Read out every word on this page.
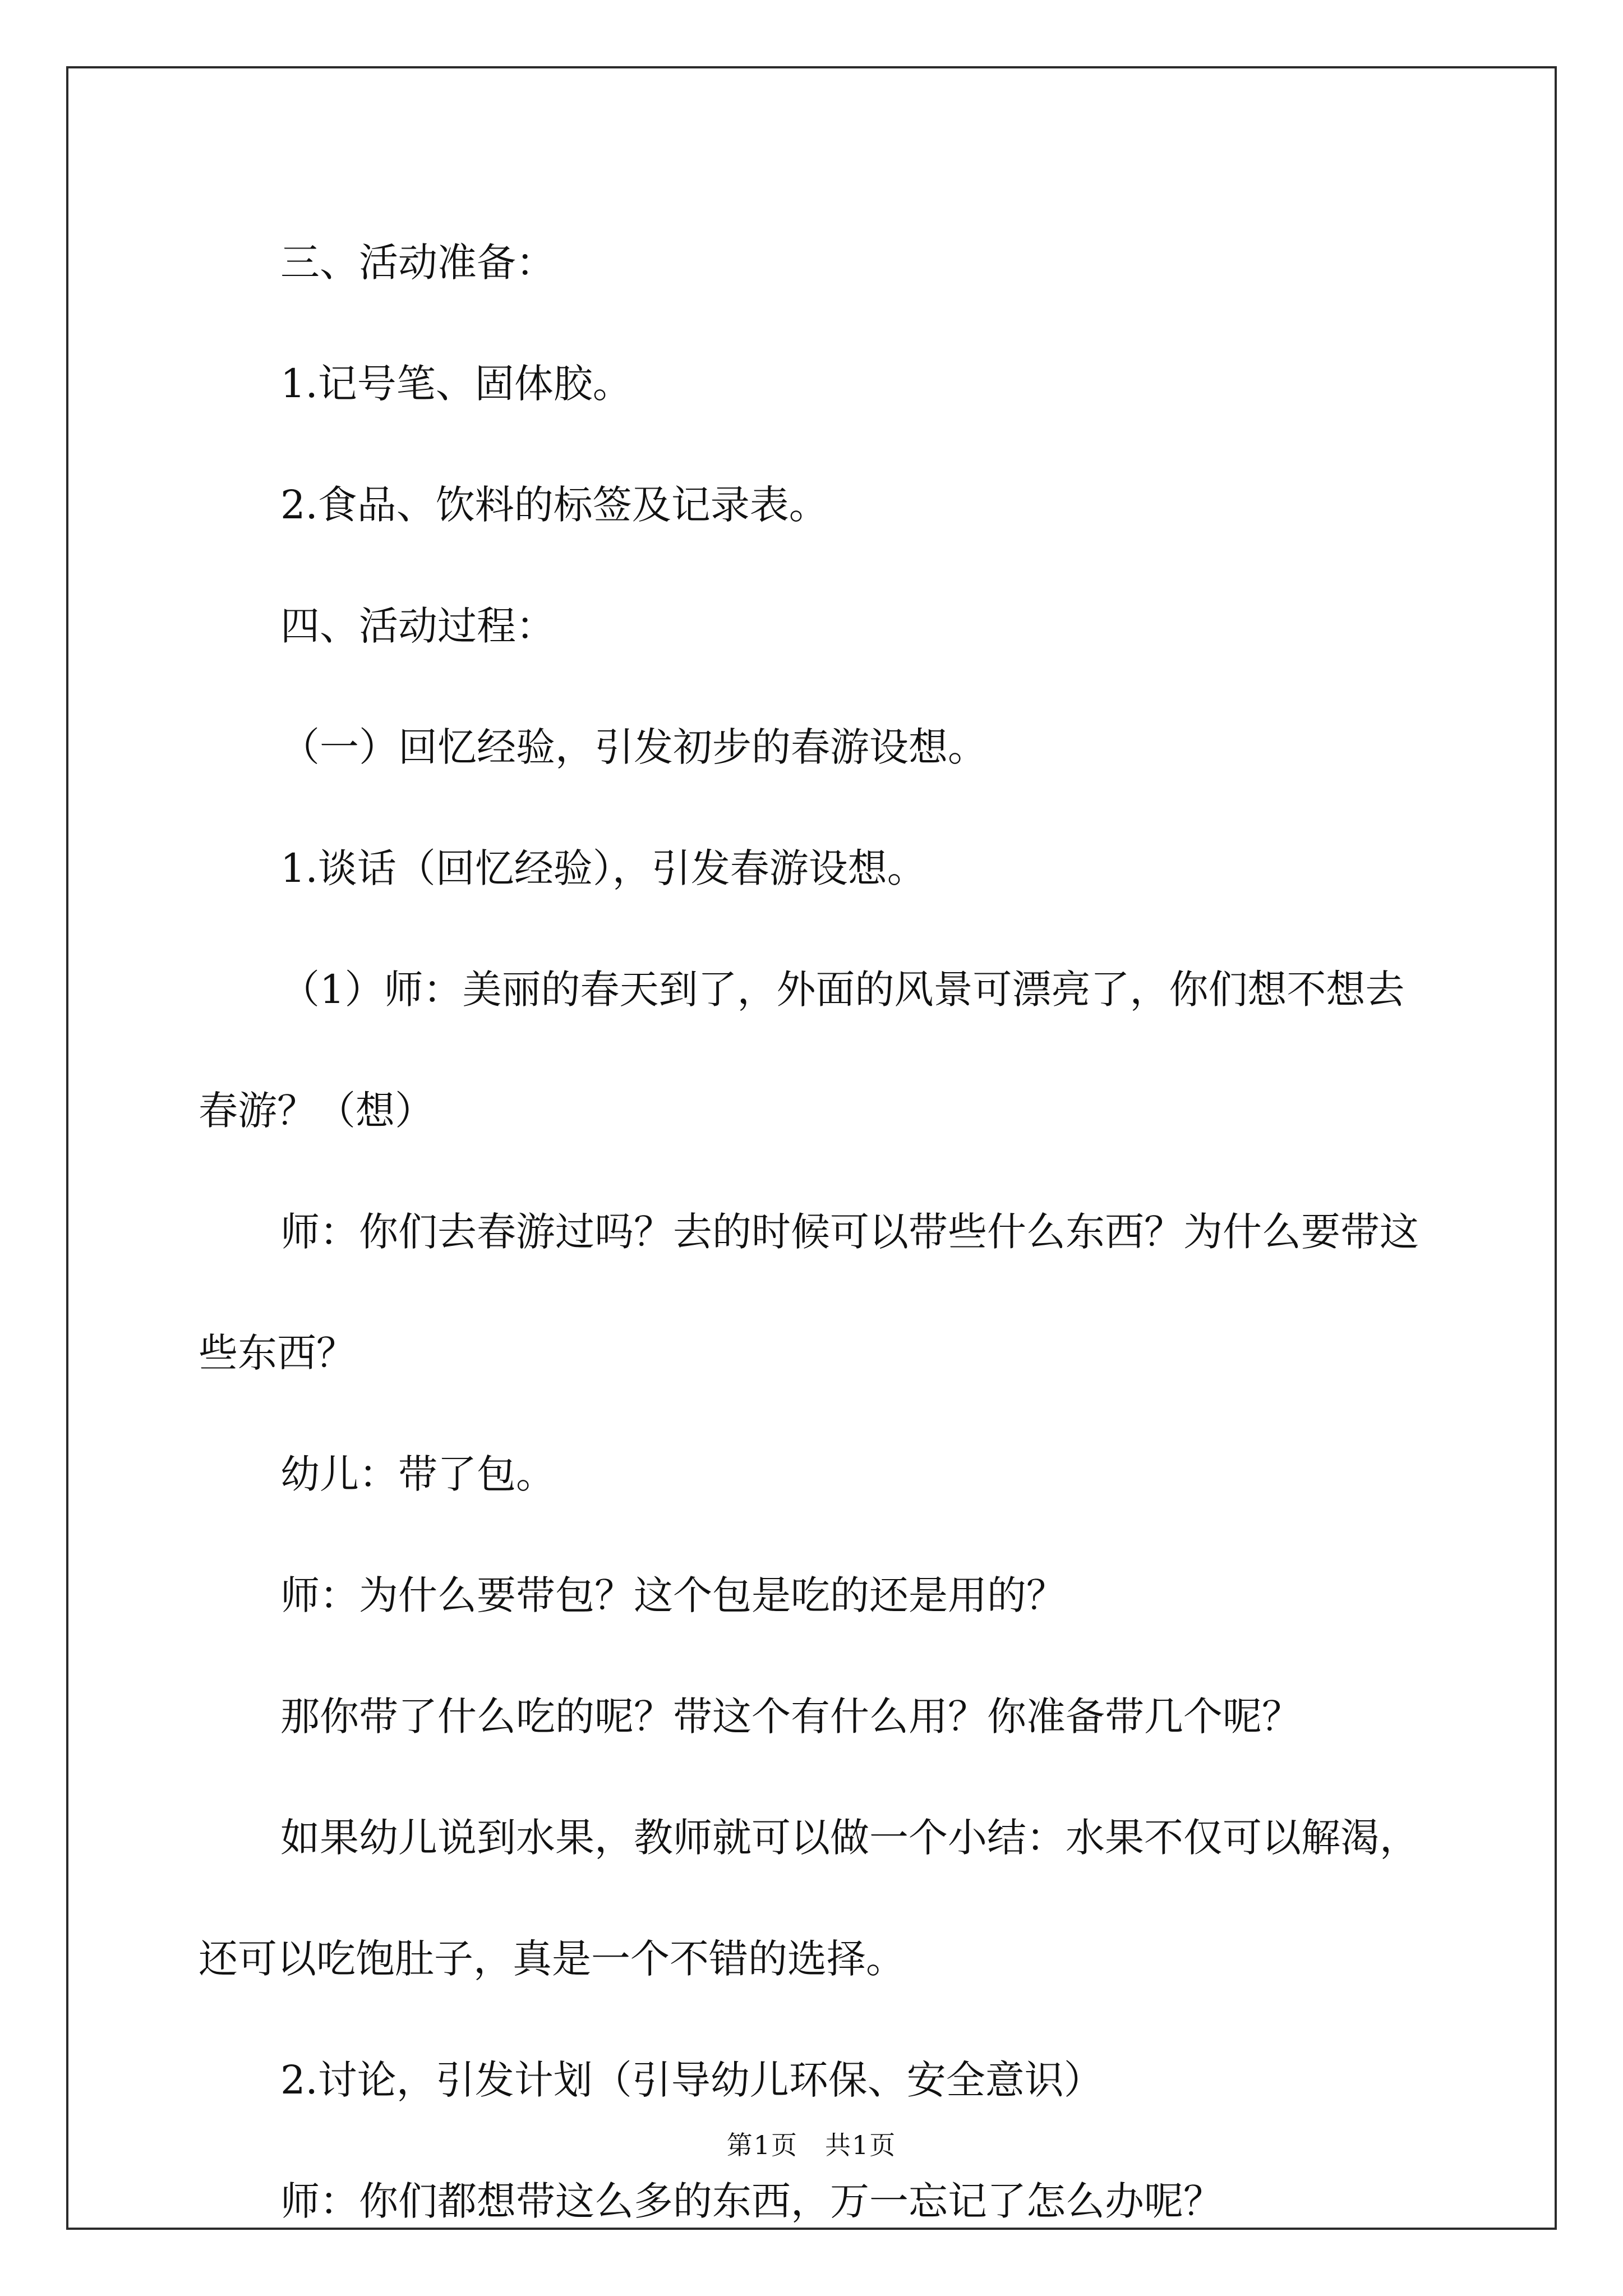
三、活动准备：

1.记号笔、固体胶。

2.食品、饮料的标签及记录表。

四、活动过程：

（一）回忆经验，引发初步的春游设想。

1.谈话（回忆经验），引发春游设想。

（1）师：美丽的春天到了，外面的风景可漂亮了，你们想不想去春游？（想）

师：你们去春游过吗？去的时候可以带些什么东西？为什么要带这些东西？

幼儿：带了包。

师：为什么要带包？这个包是吃的还是用的？

那你带了什么吃的呢？带这个有什么用？你准备带几个呢？

如果幼儿说到水果，教师就可以做一个小结：水果不仅可以解渴，还可以吃饱肚子，真是一个不错的选择。

2.讨论，引发计划（引导幼儿环保、安全意识）

师：你们都想带这么多的东西，万一忘记了怎么办呢？

第1页　共1页
